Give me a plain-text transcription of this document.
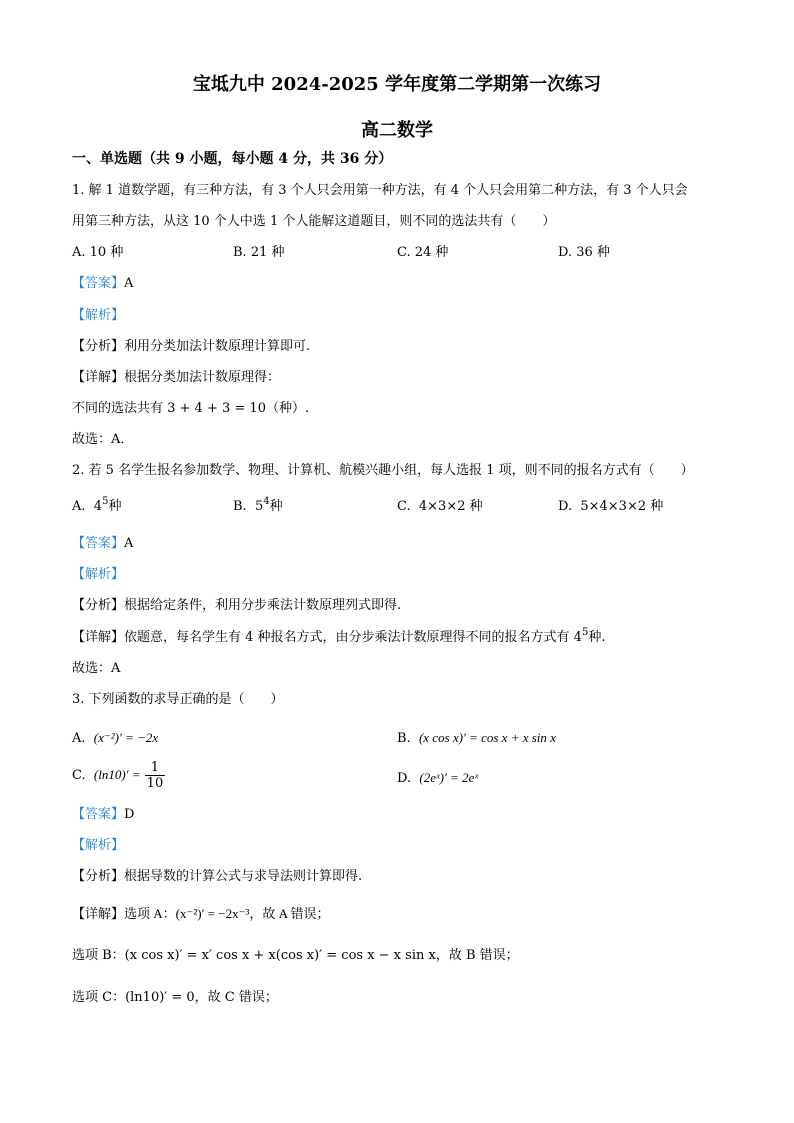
宝坻九中 2024-2025 学年度第二学期第一次练习
高二数学
一、单选题（共 9 小题，每小题 4 分，共 36 分）
1. 解 1 道数学题，有三种方法，有 3 个人只会用第一种方法，有 4 个人只会用第二种方法，有 3 个人只会
用第三种方法，从这 10 个人中选 1 个人能解这道题目，则不同的选法共有（　　）
A. 10 种	B. 21 种	C. 24 种	D. 36 种
【答案】A
【解析】
【分析】利用分类加法计数原理计算即可.
【详解】根据分类加法计数原理得：
不同的选法共有 3 + 4 + 3 = 10（种）.
故选：A．
2. 若 5 名学生报名参加数学、物理、计算机、航模兴趣小组，每人选报 1 项，则不同的报名方式有（　　）
A.  $4^5$种	B.  $5^4$种	C.  4×3×2 种	D.  5×4×3×2 种
【答案】A
【解析】
【分析】根据给定条件，利用分步乘法计数原理列式即得.
【详解】依题意，每名学生有 4 种报名方式，由分步乘法计数原理得不同的报名方式有 $4^5$种.
故选：A
3. 下列函数的求导正确的是（　　）
A.  (x⁻²)′ = −2x	B.  (x cos x)′ = cos x + x sin x
C.  $(\ln 10)' = \frac{1}{10}$	D.  (2eˣ)′ = 2eˣ
【答案】D
【解析】
【分析】根据导数的计算公式与求导法则计算即得.
【详解】选项 A：(x⁻²)′ = −2x⁻³，故 A 错误；
选项 B：(x cos x)′ = x′ cos x + x(cos x)′ = cos x − x sin x，故 B 错误；
选项 C：(ln10)′ = 0，故 C 错误；
